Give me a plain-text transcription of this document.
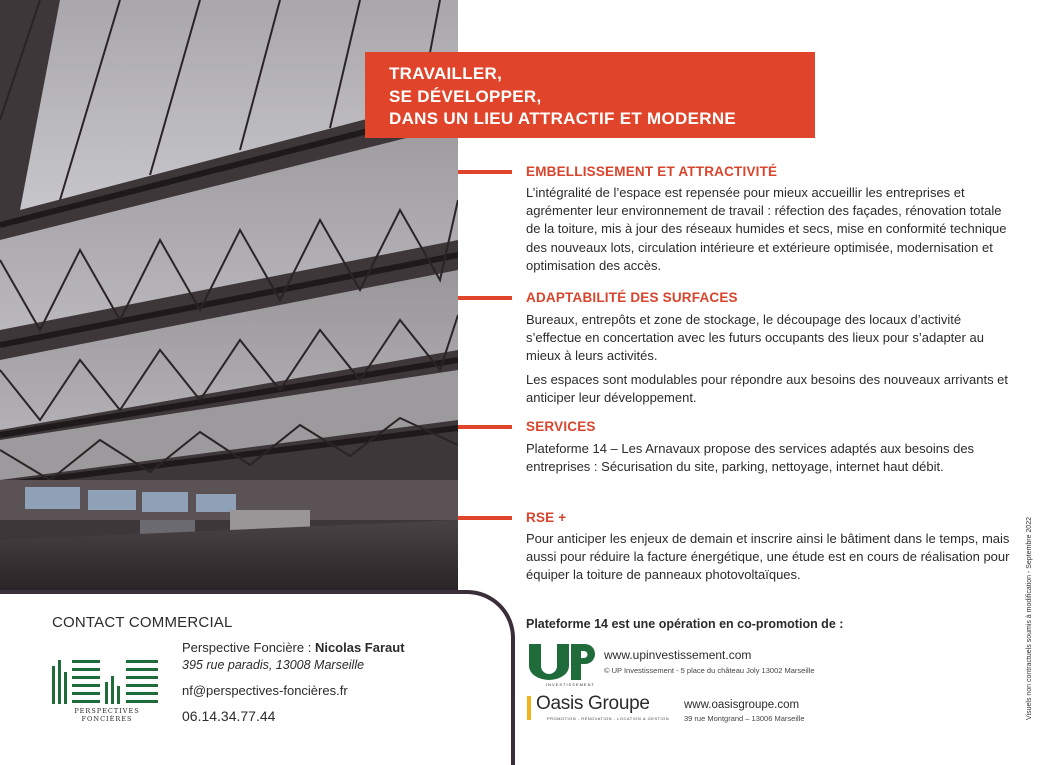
TRAVAILLER,
SE DÉVELOPPER,
DANS UN LIEU ATTRACTIF ET MODERNE
EMBELLISSEMENT ET ATTRACTIVITÉ

L’intégralité de l’espace est repensée pour mieux accueillir les entreprises et agrémenter leur environnement de travail : réfection des façades, rénovation totale de la toiture, mis à jour des réseaux humides et secs, mise en conformité technique des nouveaux lots, circulation intérieure et extérieure optimisée, modernisation et optimisation des accès.

ADAPTABILITÉ DES SURFACES

Bureaux, entrepôts et zone de stockage, le découpage des locaux d’activité s’effectue en concertation avec les futurs occupants des lieux pour s’adapter au mieux à leurs activités.

Les espaces sont modulables pour répondre aux besoins des nouveaux arrivants et anticiper leur développement.

SERVICES

Plateforme 14 – Les Arnavaux propose des services adaptés aux besoins des entreprises : Sécurisation du site, parking, nettoyage, internet haut débit.

RSE +

Pour anticiper les enjeux de demain et inscrire ainsi le bâtiment dans le temps, mais aussi pour réduire la facture énergétique, une étude est en cours de réalisation pour équiper la toiture de panneaux photovoltaïques.

CONTACT COMMERCIAL
PERSPECTIVES FONCIÈRES
Perspective Foncière : Nicolas Faraut
395 rue paradis, 13008 Marseille
nf@perspectives-foncières.fr
06.14.34.77.44
Plateforme 14 est une opération en co-promotion de :
INVESTISSEMENT
www.upinvestissement.com
© UP Investissement - 5 place du château Joly 13002 Marseille
Oasis Groupe
PROMOTION - RÉNOVATION - LOCATION & GESTION
www.oasisgroupe.com
39 rue Montgrand – 13006 Marseille	Visuels non contractuels soumis à modification - Septembre 2022
